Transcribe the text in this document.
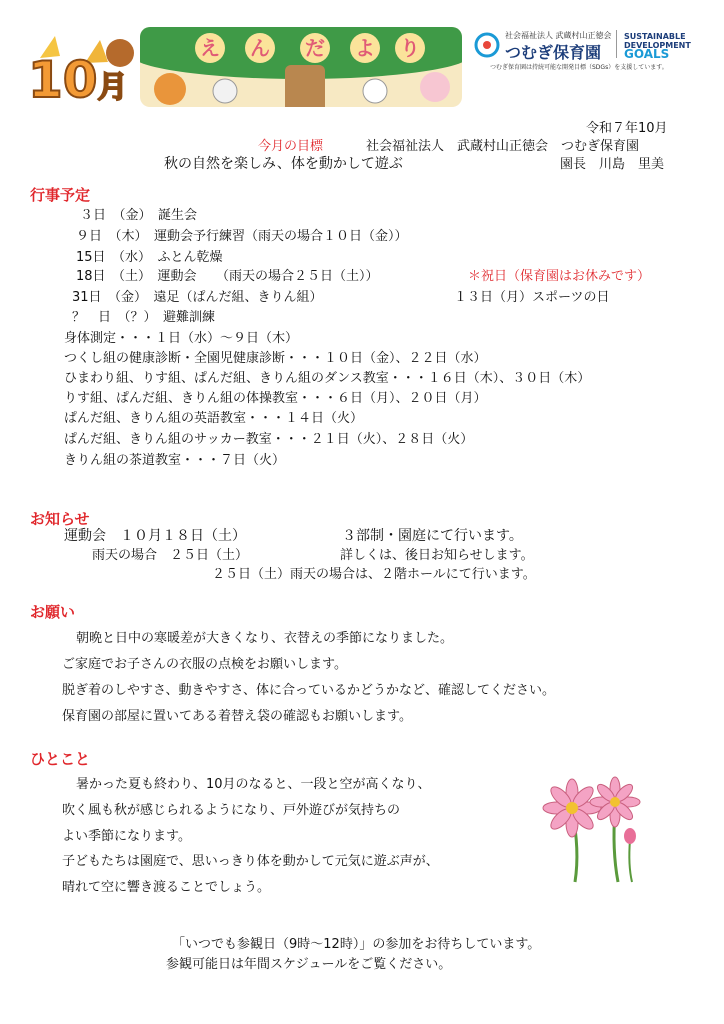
10月
え ん だ よ り
社会福祉法人 武蔵村山正徳会
つむぎ保育園
SUSTAINABLE
DEVELOPMENT
GOALS
つむぎ保育園は持続可能な開発目標（SDGs）を支援しています。
令和７年10月
今月の目標	社会福祉法人　武蔵村山正徳会　つむぎ保育園
秋の自然を楽しみ、体を動かして遊ぶ	園長　川島　里美
行事予定
３日　（金）　誕生会
９日　（木）　運動会予行練習（雨天の場合１０日（金））
15日　（水）　ふとん乾燥
18日　（土）　運動会　　（雨天の場合２５日（土））	＊祝日（保育園はお休みです）
31日　（金）　遠足（ぱんだ組、きりん組）	１３日（月）スポーツの日
？　日　（？）　避難訓練
身体測定・・・１日（水）～９日（木）
つくし組の健康診断・全園児健康診断・・・１０日（金）、２２日（水）
ひまわり組、りす組、ぱんだ組、きりん組のダンス教室・・・１６日（木）、３０日（木）
りす組、ぱんだ組、きりん組の体操教室・・・６日（月）、２０日（月）
ぱんだ組、きりん組の英語教室・・・１４日（火）
ぱんだ組、きりん組のサッカー教室・・・２１日（火）、２８日（火）
きりん組の茶道教室・・・７日（火）
お知らせ
運動会　１０月１８日（土）	３部制・園庭にて行います。
雨天の場合　２５日（土）	詳しくは、後日お知らせします。
２５日（土）雨天の場合は、２階ホールにて行います。
お願い
朝晩と日中の寒暖差が大きくなり、衣替えの季節になりました。
ご家庭でお子さんの衣服の点検をお願いします。
脱ぎ着のしやすさ、動きやすさ、体に合っているかどうかなど、確認してください。
保育園の部屋に置いてある着替え袋の確認もお願いします。
ひとこと
暑かった夏も終わり、10月のなると、一段と空が高くなり、
吹く風も秋が感じられるようになり、戸外遊びが気持ちの
よい季節になります。
子どもたちは園庭で、思いっきり体を動かして元気に遊ぶ声が、
晴れて空に響き渡ることでしょう。
「いつでも参観日（9時～12時）」の参加をお待ちしています。
参観可能日は年間スケジュールをご覧ください。
